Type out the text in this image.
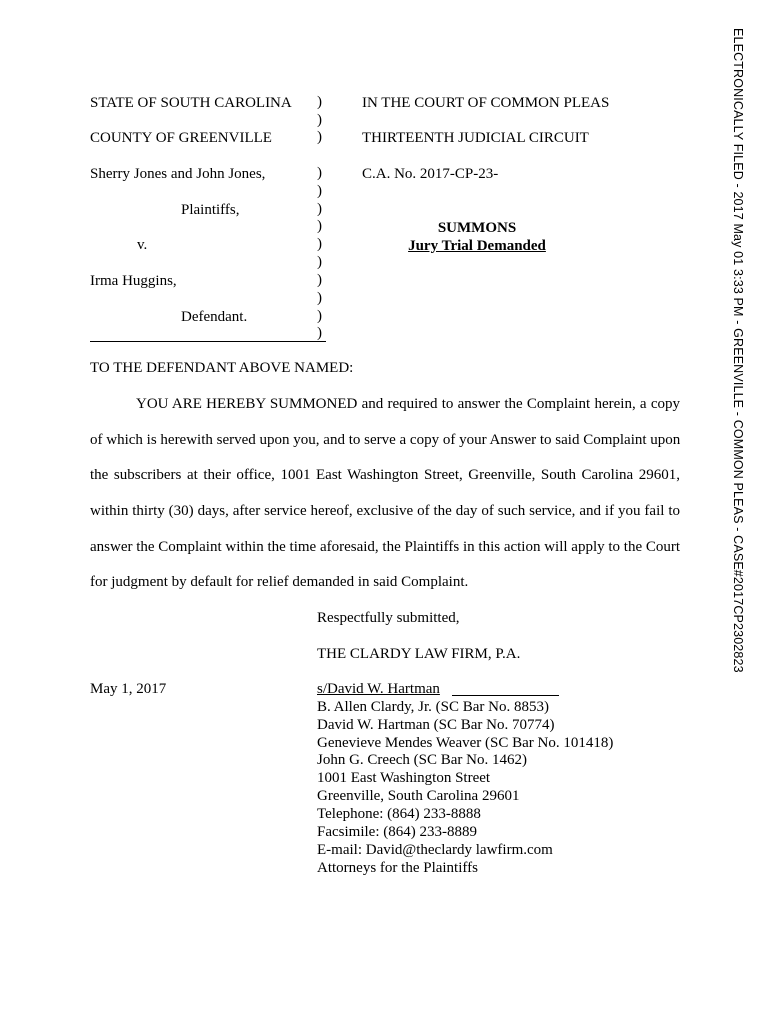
ELECTRONICALLY FILED - 2017 May 01 3:33 PM - GREENVILLE - COMMON PLEAS - CASE#2017CP2302823
STATE OF SOUTH CAROLINA
COUNTY OF GREENVILLE
Sherry Jones and John Jones,
Plaintiffs,
v.
Irma Huggins,
Defendant.
)
)
)
)
)
)
)
)
)
)
)
)
)
IN THE COURT OF COMMON PLEAS
THIRTEENTH JUDICIAL CIRCUIT
C.A. No. 2017-CP-23-
SUMMONS
Jury Trial Demanded
TO THE DEFENDANT ABOVE NAMED:
YOU ARE HEREBY SUMMONED and required to answer the Complaint herein, a copy
of which is herewith served upon you, and to serve a copy of your Answer to said Complaint upon
the subscribers at their office, 1001 East Washington Street, Greenville, South Carolina 29601,
within thirty (30) days, after service hereof, exclusive of the day of such service, and if you fail to
answer the Complaint within the time aforesaid, the Plaintiffs in this action will apply to the Court
for judgment by default for relief demanded in said Complaint.
Respectfully submitted,
THE CLARDY LAW FIRM, P.A.
May 1, 2017	s/David W. Hartman
B. Allen Clardy, Jr. (SC Bar No. 8853)
David W. Hartman (SC Bar No. 70774)
Genevieve Mendes Weaver (SC Bar No. 101418)
John G. Creech (SC Bar No. 1462)
1001 East Washington Street
Greenville, South Carolina 29601
Telephone: (864) 233-8888
Facsimile: (864) 233-8889
E-mail: David@theclardy lawfirm.com
Attorneys for the Plaintiffs
